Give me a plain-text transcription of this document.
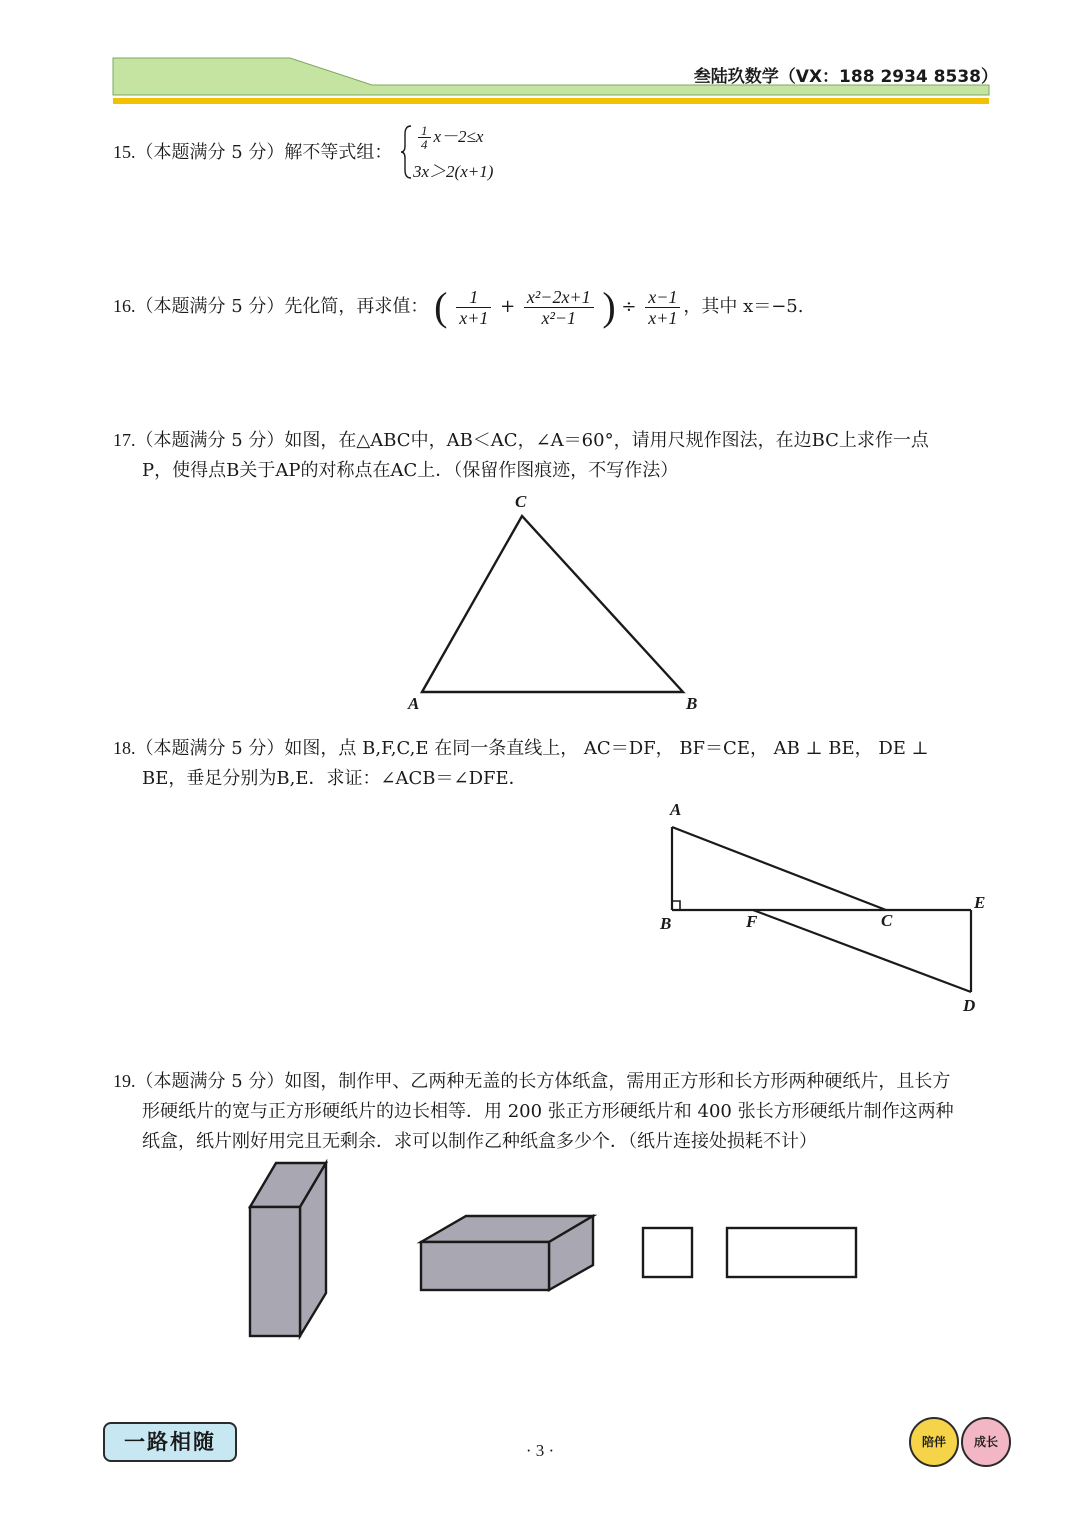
叁陆玖数学（VX：188 2934 8538）
15.（本题满分 5 分）解不等式组：
$\frac{1}{4} x-2\le x$
3x＞2(x+1)
16.（本题满分 5 分）先化简，再求值： ( $\frac{1}{x+1} + \frac{\text{x²−2x+1}}{\text{x²−1}}$ ) ÷ $\frac{x-1}{x+1}$ ，其中 x＝−5.
17.（本题满分 5 分）如图，在△ABC中，AB＜AC，∠A＝60°，请用尺规作图法，在边BC上求作一点
P，使得点B关于AP的对称点在AC上．（保留作图痕迹，不写作法）
C
A	B
18.（本题满分 5 分）如图，点 B,F,C,E 在同一条直线上， AC＝DF， BF＝CE， AB ⊥ BE， DE ⊥
BE，垂足分别为B,E．求证：∠ACB＝∠DFE．
A
B	F	C
E
D
19.（本题满分 5 分）如图，制作甲、乙两种无盖的长方体纸盒，需用正方形和长方形两种硬纸片，且长方
形硬纸片的宽与正方形硬纸片的边长相等．用 200 张正方形硬纸片和 400 张长方形硬纸片制作这两种
纸盒，纸片刚好用完且无剩余．求可以制作乙种纸盒多少个．（纸片连接处损耗不计）
一路相随	· 3 ·	陪伴	成长
